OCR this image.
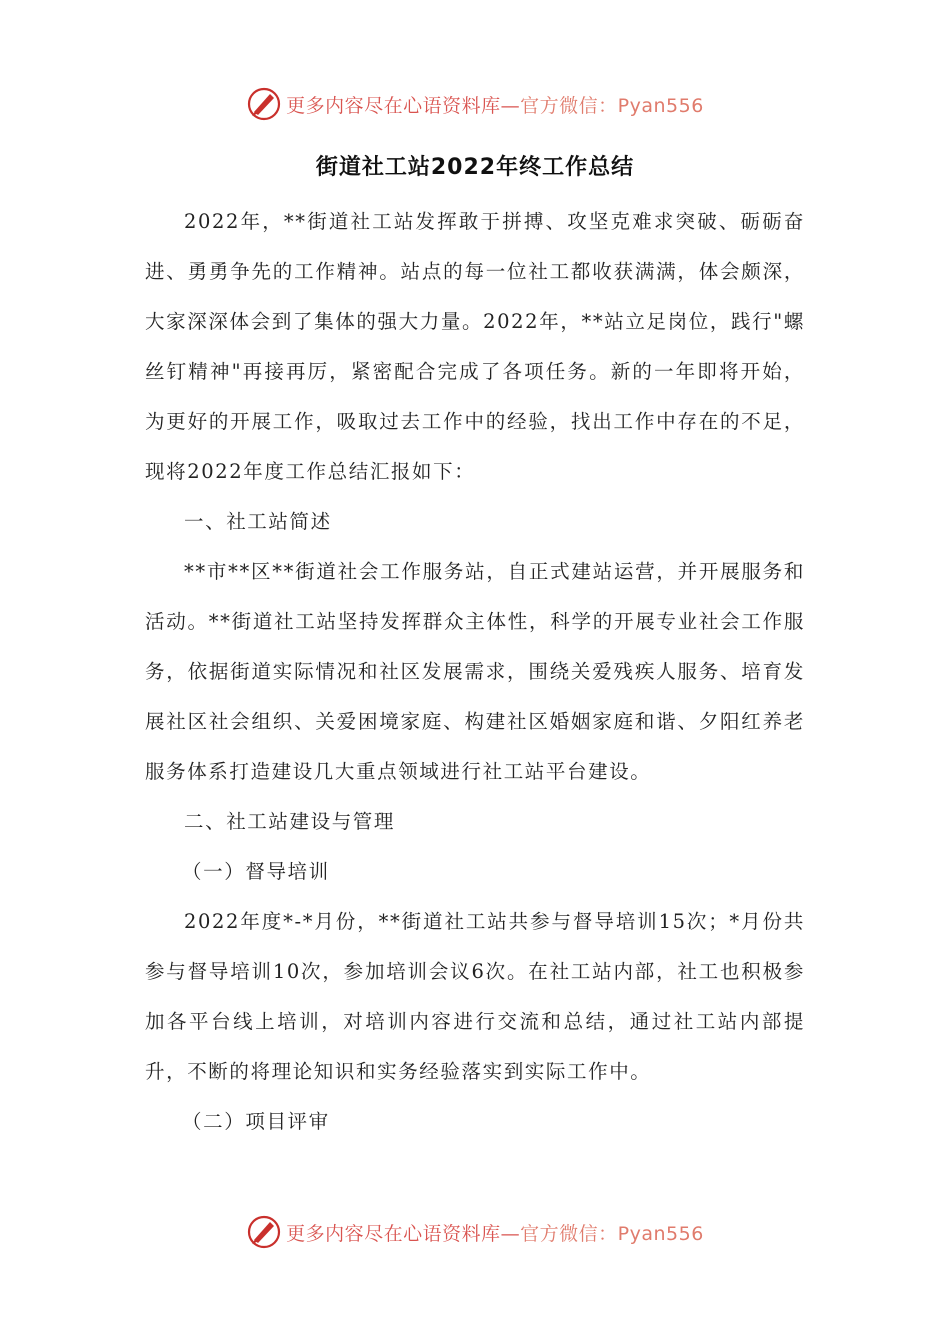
更多内容尽在心语资料库—官方微信：Pyan556
街道社工站2022年终工作总结

2022年，**街道社工站发挥敢于拼搏、攻坚克难求突破、砺砺奋进、勇勇争先的工作精神。站点的每一位社工都收获满满，体会颇深，大家深深体会到了集体的强大力量。2022年，**站立足岗位，践行"螺丝钉精神"再接再厉，紧密配合完成了各项任务。新的一年即将开始，为更好的开展工作，吸取过去工作中的经验，找出工作中存在的不足，现将2022年度工作总结汇报如下：

一、社工站简述

**市**区**街道社会工作服务站，自正式建站运营，并开展服务和活动。**街道社工站坚持发挥群众主体性，科学的开展专业社会工作服务，依据街道实际情况和社区发展需求，围绕关爱残疾人服务、培育发展社区社会组织、关爱困境家庭、构建社区婚姻家庭和谐、夕阳红养老服务体系打造建设几大重点领域进行社工站平台建设。

二、社工站建设与管理

（一）督导培训

2022年度*-*月份，**街道社工站共参与督导培训15次；*月份共参与督导培训10次，参加培训会议6次。在社工站内部，社工也积极参加各平台线上培训，对培训内容进行交流和总结，通过社工站内部提升，不断的将理论知识和实务经验落实到实际工作中。

（二）项目评审

更多内容尽在心语资料库—官方微信：Pyan556
